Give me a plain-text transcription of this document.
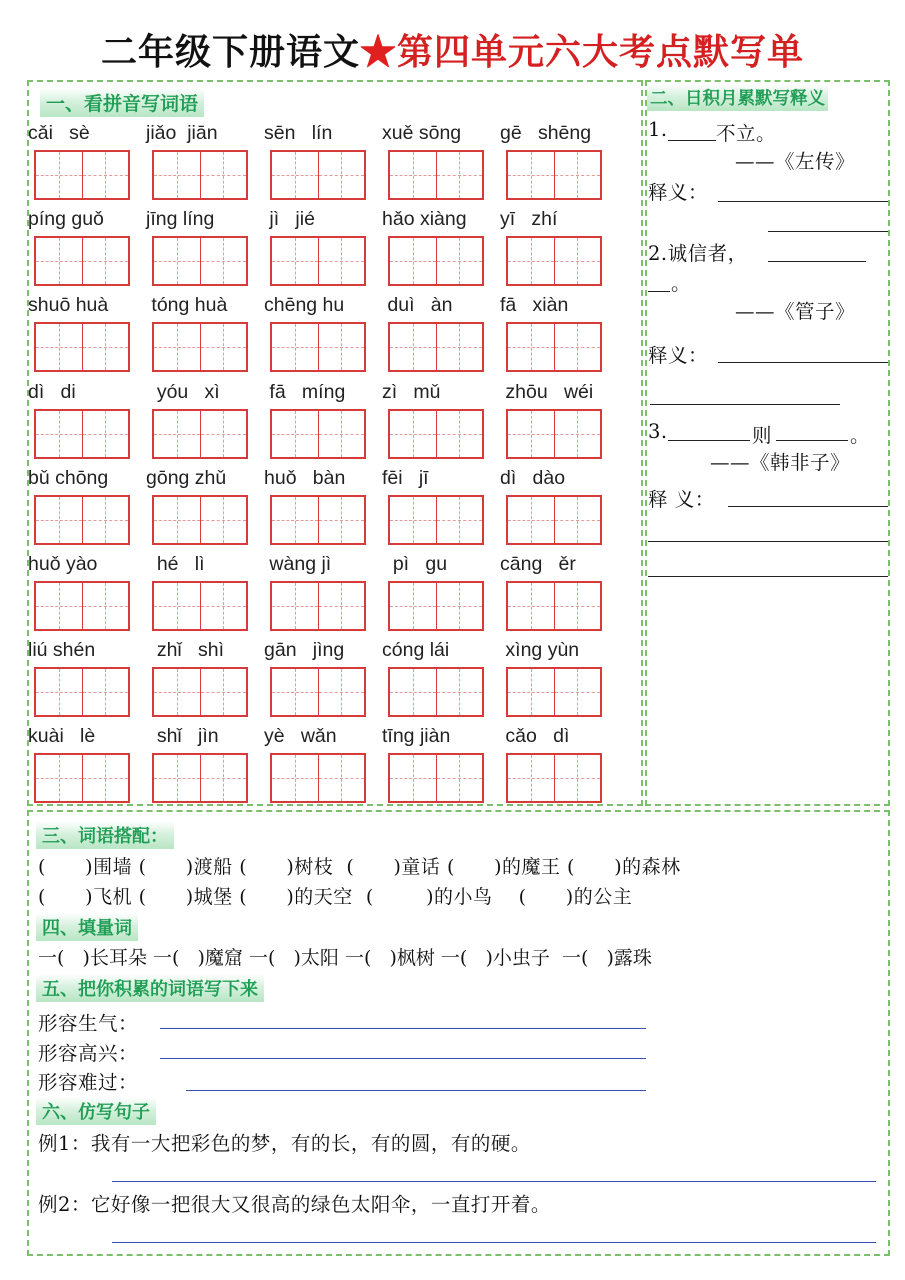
二年级下册语文★第四单元六大考点默写单
一、看拼音写词语
cǎi   sè	jiǎo  jiān	sēn   lín	xuě sōng	gē   shēng
píng guǒ	jīng líng	jì   jié	hǎo xiàng	yī   zhí
shuō huà	tóng huà	chēng hu	duì   àn	fā   xiàn
dì   di	yóu   xì	fā   míng	zì   mǔ	zhōu   wéi
bǔ chōng	gōng zhǔ	huǒ   bàn	fēi   jī	dì   dào
huǒ yào	hé   lì	wàng jì	pì   gu	cāng   ěr
liú shén	zhǐ   shì	gān   jìng	cóng lái	xìng yùn
kuài   lè	shǐ   jìn	yè   wǎn	tīng jiàn	cǎo   dì
二、日积月累默写释义
1. 不立。
——《左传》
释义：
2.诚信者，
。
——《管子》
释义：
3.	则	。
——《韩非子》
释 义：
三、词语搭配：
(      )围墙 (      )渡船 (      )树枝  (      )童话 (      )的魔王 (      )的森林
(      )飞机 (      )城堡 (      )的天空  (        )的小鸟    (      )的公主
四、填量词
一(   )长耳朵 一(   )魔窟 一(   )太阳 一(   )枫树 一(   )小虫子  一(   )露珠
五、把你积累的词语写下来
形容生气：
形容高兴：
形容难过：
六、仿写句子
例1：我有一大把彩色的梦，有的长，有的圆，有的硬。
例2：它好像一把很大又很高的绿色太阳伞，一直打开着。
